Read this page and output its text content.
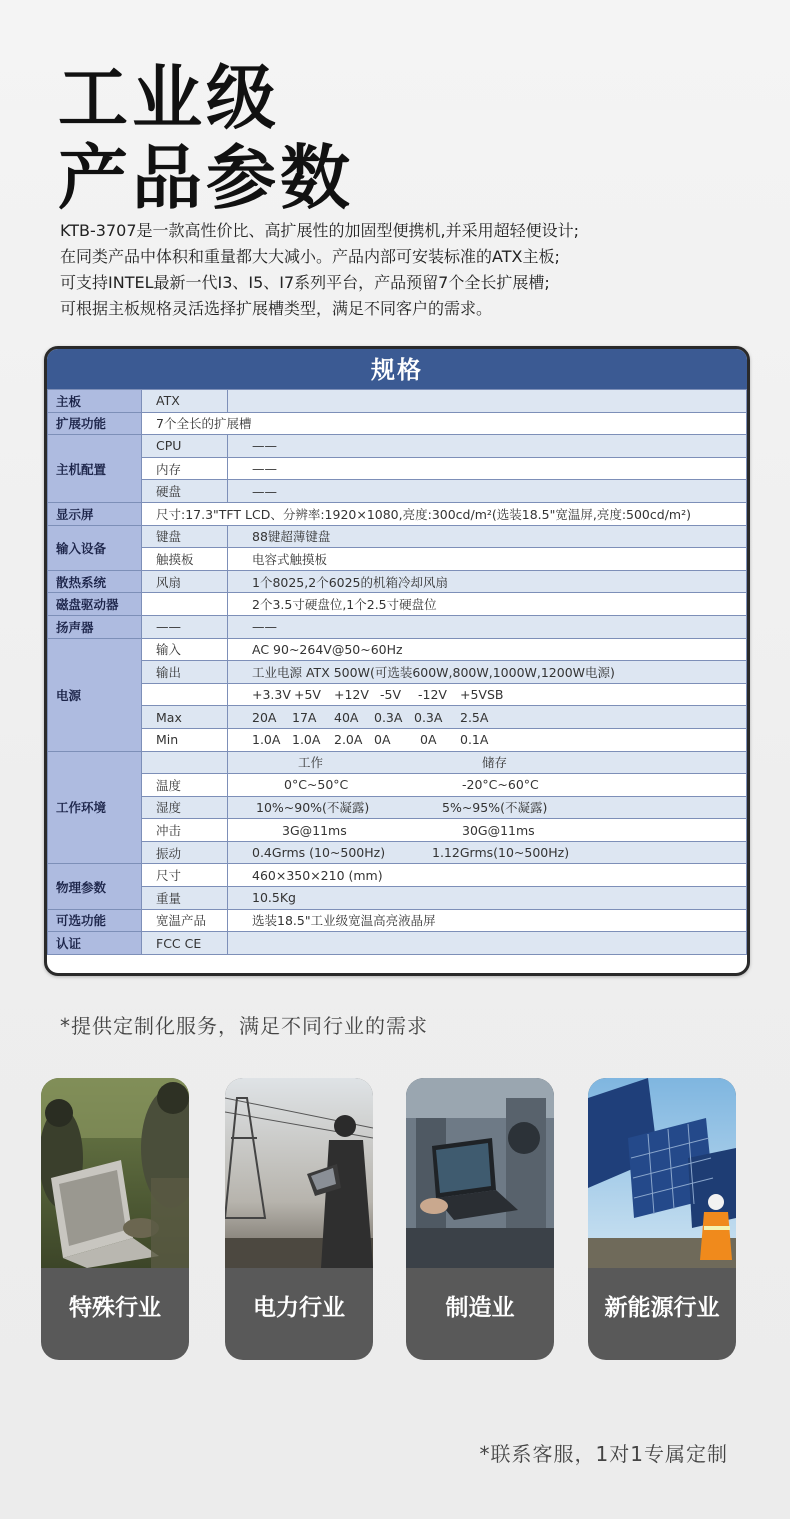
工业级
产品参数
KTB-3707是一款高性价比、高扩展性的加固型便携机,并采用超轻便设计;
在同类产品中体积和重量都大大减小。产品内部可安装标准的ATX主板;
可支持INTEL最新一代I3、I5、I7系列平台，产品预留7个全长扩展槽;
可根据主板规格灵活选择扩展槽类型，满足不同客户的需求。
规格
主板	ATX	
扩展功能	7个全长的扩展槽	
主机配置	CPU	——
	内存	——
	硬盘	——
显示屏	尺寸:17.3"TFT LCD、分辨率:1920×1080,亮度:300cd/m²(选装18.5"宽温屏,亮度:500cd/m²)	
输入设备	键盘	88键超薄键盘
	触摸板	电容式触摸板
散热系统	风扇	1个8025,2个6025的机箱冷却风扇
磁盘驱动器		2个3.5寸硬盘位,1个2.5寸硬盘位
扬声器	——	——
电源	输入	AC 90~264V@50~60Hz
	输出	工业电源 ATX 500W(可选装600W,800W,1000W,1200W电源)
		+3.3V +5V +12V -5V -12V +5VSB
	Max	20A 17A 40A 0.3A 0.3A 2.5A
	Min	1.0A 1.0A 2.0A 0A 0A 0.1A
工作环境		工作 储存
	温度	0°C~50°C -20°C~60°C
	湿度	10%~90%(不凝露) 5%~95%(不凝露)
	冲击	3G@11ms 30G@11ms
	振动	0.4Grms (10~500Hz) 1.12Grms(10~500Hz)
物理参数	尺寸	460×350×210 (mm)
	重量	10.5Kg
可选功能	宽温产品	选装18.5"工业级宽温高亮液晶屏
认证	FCC CE	
*提供定制化服务，满足不同行业的需求
特殊行业	电力行业	制造业	新能源行业
*联系客服，1对1专属定制
